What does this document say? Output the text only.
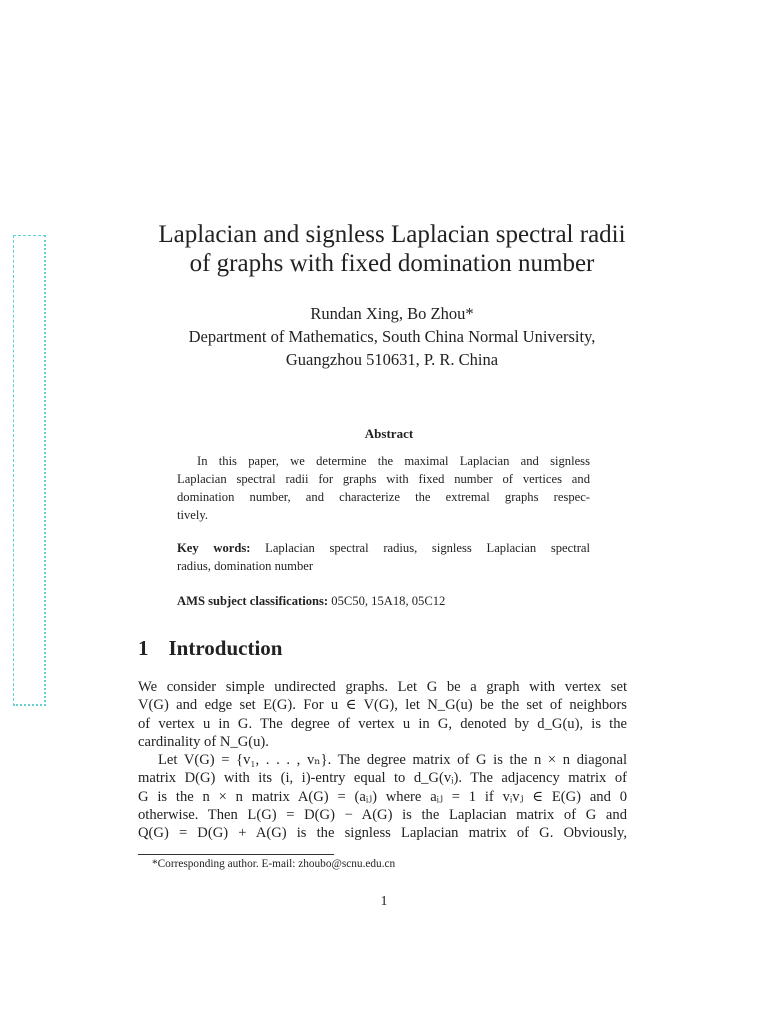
Laplacian and signless Laplacian spectral radii
of graphs with fixed domination number
Rundan Xing, Bo Zhou*
Department of Mathematics, South China Normal University,
Guangzhou 510631, P. R. China
Abstract
In this paper, we determine the maximal Laplacian and signless
Laplacian spectral radii for graphs with fixed number of vertices and
domination number, and characterize the extremal graphs respec-
tively.
Key words: Laplacian spectral radius, signless Laplacian spectral
radius, domination number
AMS subject classifications: 05C50, 15A18, 05C12
1 Introduction
We consider simple undirected graphs. Let G be a graph with vertex set
V(G) and edge set E(G). For u ∈ V(G), let N_G(u) be the set of neighbors
of vertex u in G. The degree of vertex u in G, denoted by d_G(u), is the
cardinality of N_G(u).
Let V(G) = {v₁, . . . , vₙ}. The degree matrix of G is the n × n diagonal
matrix D(G) with its (i, i)-entry equal to d_G(vᵢ). The adjacency matrix of
G is the n × n matrix A(G) = (aᵢⱼ) where aᵢⱼ = 1 if vᵢvⱼ ∈ E(G) and 0
otherwise. Then L(G) = D(G) − A(G) is the Laplacian matrix of G and
Q(G) = D(G) + A(G) is the signless Laplacian matrix of G. Obviously,
*Corresponding author. E-mail: zhoubo@scnu.edu.cn
1
